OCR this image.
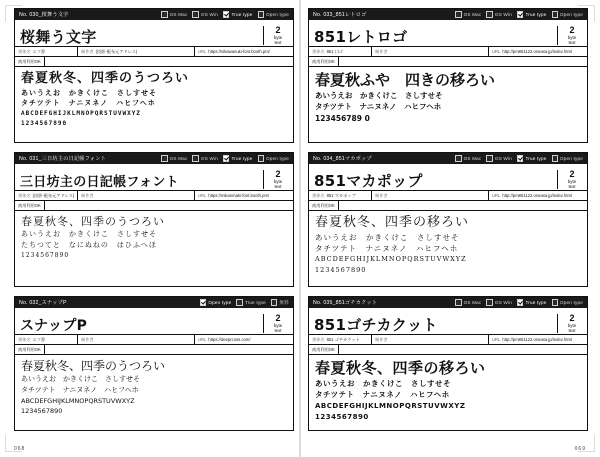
No. 030_桜舞う文字	OS Mac	OS Win	True type	Open type
桜舞う文字	2
byte
text
書体名 エフ辞	制作者 (投影-配布元アドレス)	URL https://nikawanuki-font.booth.pm/
商用利用OK
春夏秋冬、四季のうつろい
あいうえお　かきくけこ　さしすせそ
タチツテト　ナニヌネノ　ハヒフヘホ
ABCDEFGHIJKLMNOPQRSTUVWXYZ
1234567890
No. 031_三日坊主の日記帳フォント	OS Mac	OS Win	True type	Open type
三日坊主の日記帳フォント
2
byte
text
書体名 (投影-配布元アドレス) 制作者	URL https://mikanmaki-font.booth.pm/
商用利用OK
春夏秋冬、四季のうつろい
あいうえお　かきくけこ　さしすせそ
たちつてと　なにぬねの　はひふへほ
1234567890
No. 032_スナップP	Open type	True type	無料
スナップP
2
byte
text
書体名 エフ辞	制作者	URL https://deeprcoss.com/
商用利用OK
春夏秋冬、四季のうつろい
あいうえお　かきくけこ　さしすせそ
タチツテト　ナニヌネノ　ハヒフヘホ
ABCDEFGHIJKLMNOPQRSTUVWXYZ
1234567890
068
No. 033_851レトロゴ	OS Mac	OS Win	True type	Open type
851レトロゴ	2
byte
text
書体名 851 口ゴ	制作者	URL http://pm851122.oranwa.jp/index.html
商用利用OK
春夏秋ふや　四きの移ろい
あいうえお　かきくけこ　さしすせそ
タチツテト　ナニヌネノ　ハヒフヘホ
123456789 0
No. 034_851マカポップ	OS Mac	OS Win	True type	Open type
851マカポップ	2
byte
text
書体名 851 マカポップ	制作者	URL http://pm851122.oranwa.jp/index.html
商用利用OK
春夏秋冬、四季の移ろい
あいうえお　かきくけこ　さしすせそ
タチツテト　ナニヌネノ　ハヒフヘホ
ABCDEFGHIJKLMNOPQRSTUVWXYZ
1234567890
No. 035_851ゴチカクット	OS Mac	OS Win	True type	Open type
851ゴチカクット	2
byte
text
書体名 851 ゴチカクット	制作者	URL http://pm851122.oranwa.jp/index.html
商用利用OK
春夏秋冬、四季の移ろい
あいうえお　かきくけこ　さしすせそ
タチツテト　ナニヌネノ　ハヒフヘホ
ABCDEFGHIJKLMNOPQRSTUVWXYZ
1234567890
069
